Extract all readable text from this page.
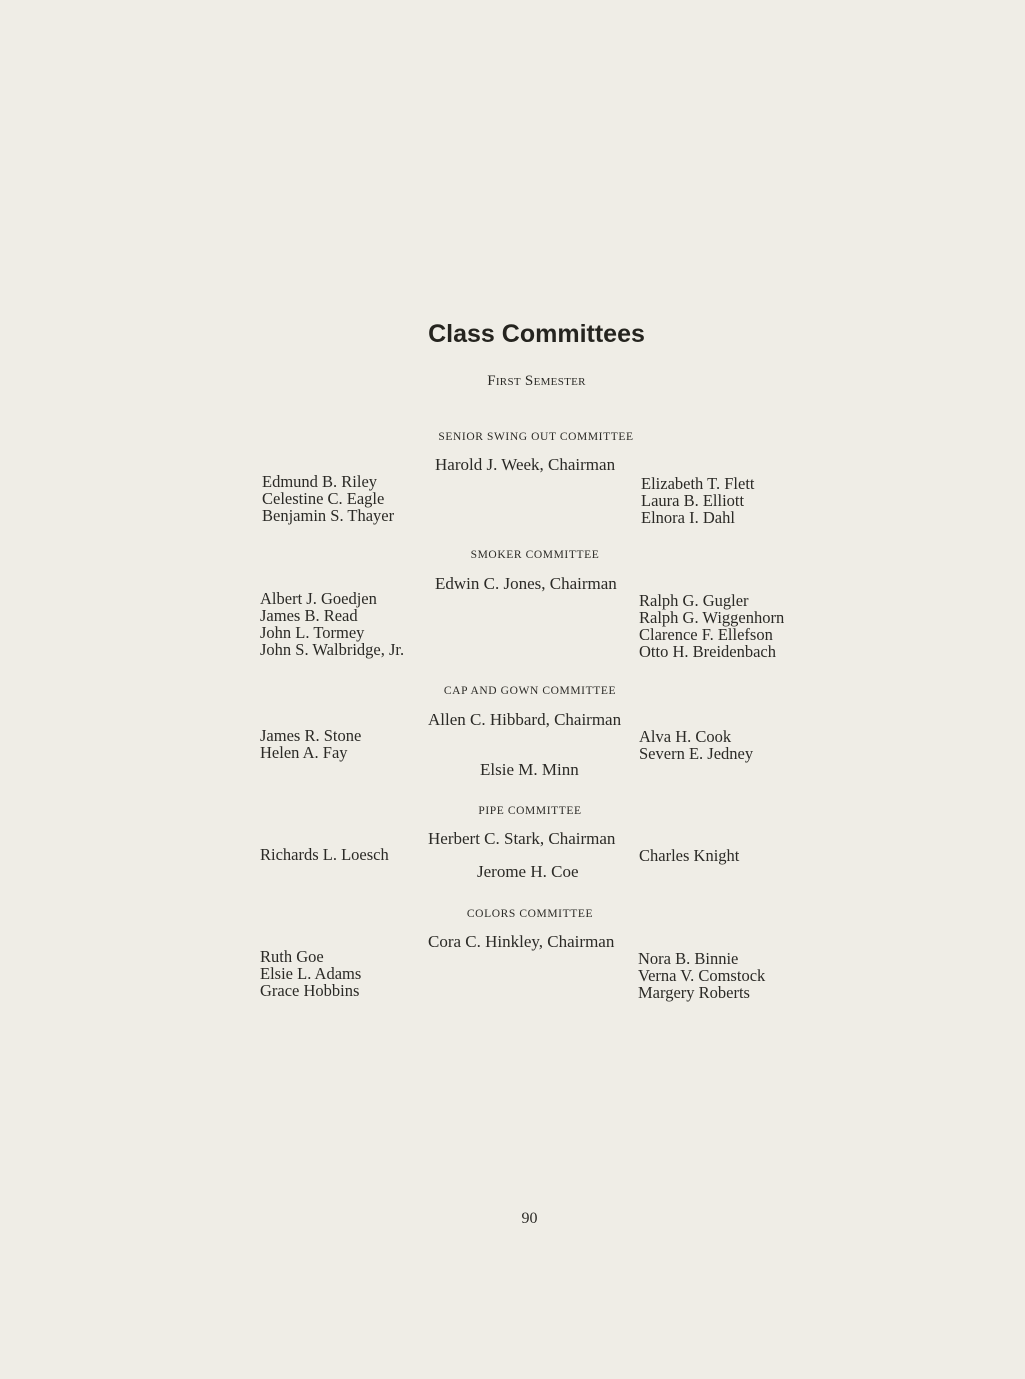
Class Committees
First Semester
SENIOR SWING OUT COMMITTEE
Harold J. Week, Chairman
Edmund B. Riley
Celestine C. Eagle
Benjamin S. Thayer
Elizabeth T. Flett
Laura B. Elliott
Elnora I. Dahl
SMOKER COMMITTEE
Edwin C. Jones, Chairman
Albert J. Goedjen
James B. Read
John L. Tormey
John S. Walbridge, Jr.
Ralph G. Gugler
Ralph G. Wiggenhorn
Clarence F. Ellefson
Otto H. Breidenbach
CAP AND GOWN COMMITTEE
Allen C. Hibbard, Chairman
James R. Stone
Helen A. Fay
Alva H. Cook
Severn E. Jedney
Elsie M. Minn
PIPE COMMITTEE
Herbert C. Stark, Chairman
Richards L. Loesch	Charles Knight
Jerome H. Coe
COLORS COMMITTEE
Cora C. Hinkley, Chairman
Ruth Goe
Elsie L. Adams
Grace Hobbins
Nora B. Binnie
Verna V. Comstock
Margery Roberts
90
